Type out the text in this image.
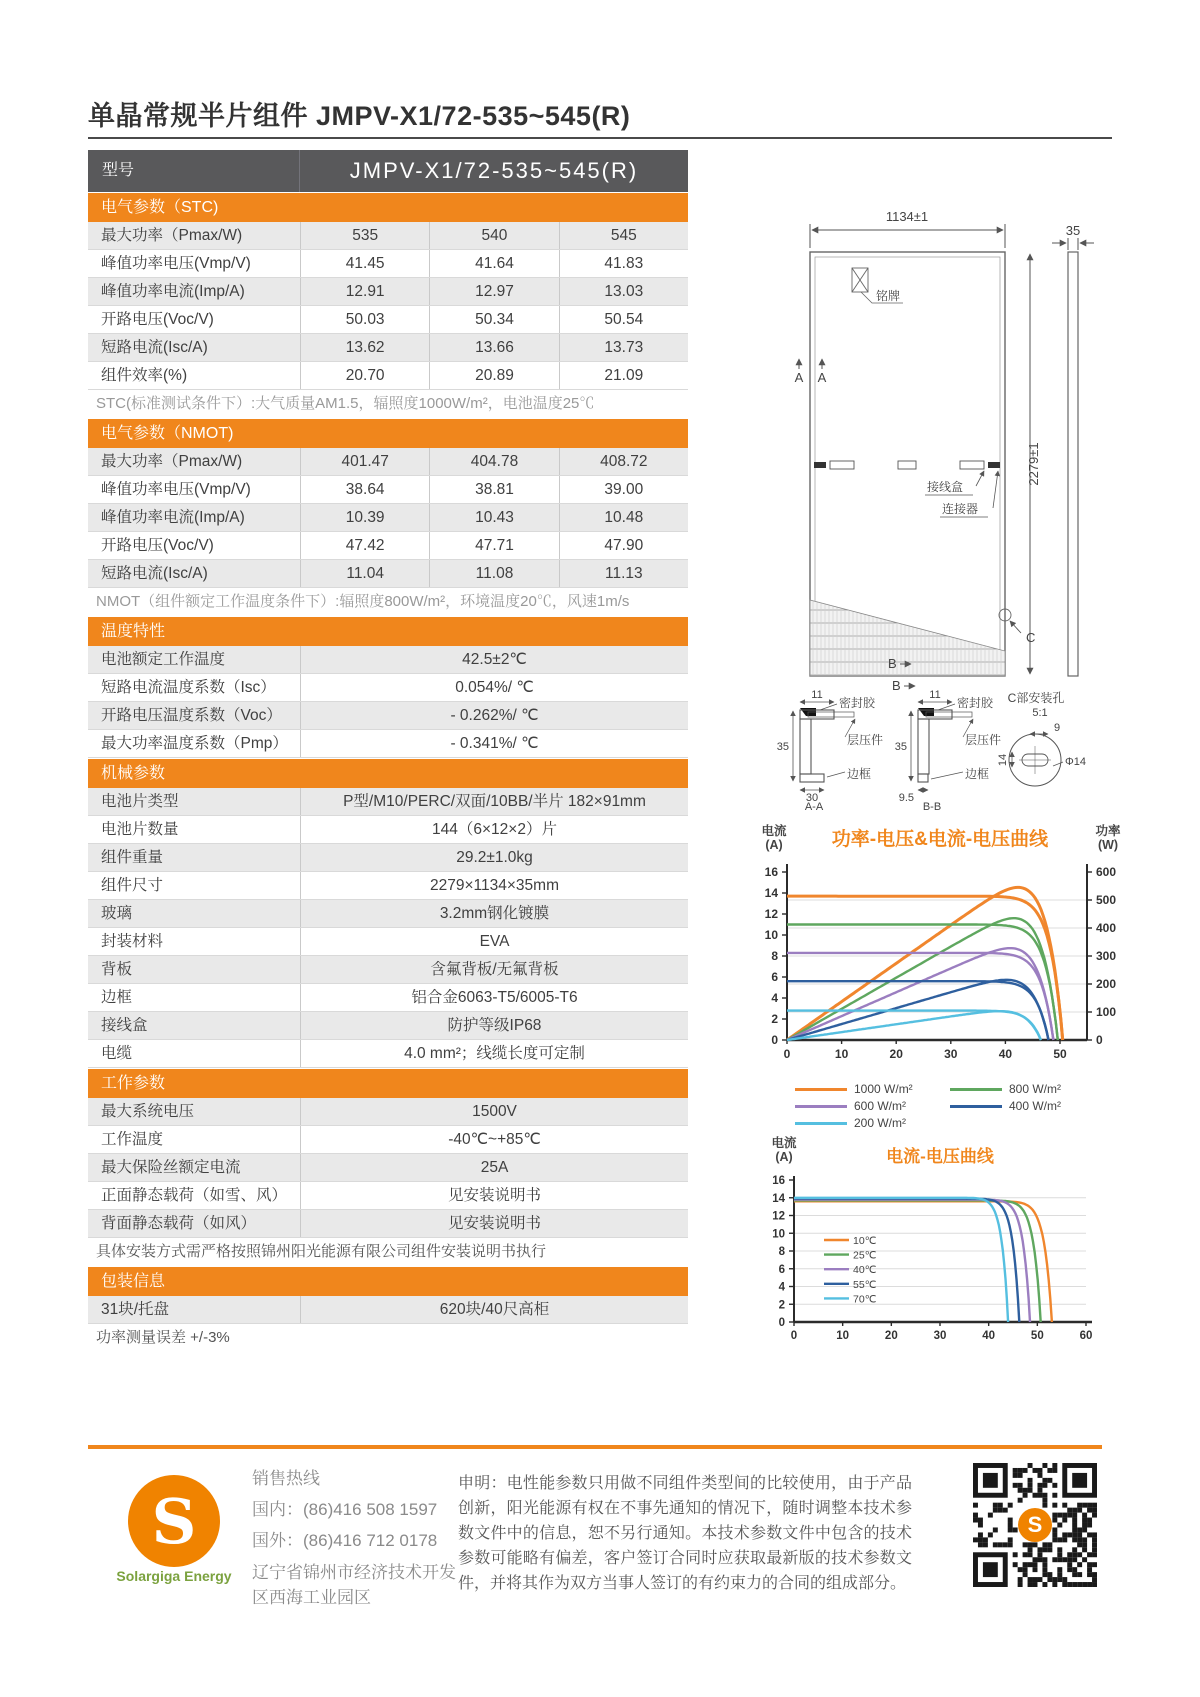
单晶常规半片组件 JMPV-X1/72-535~545(R)
型号	JMPV-X1/72-535~545(R)
电气参数（STC)
最大功率（Pmax/W)	535	540	545
峰值功率电压(Vmp/V)	41.45	41.64	41.83
峰值功率电流(Imp/A)	12.91	12.97	13.03
开路电压(Voc/V)	50.03	50.34	50.54
短路电流(Isc/A)	13.62	13.66	13.73
组件效率(%)	20.70	20.89	21.09
STC(标准测试条件下）:大气质量AM1.5，辐照度1000W/m²，电池温度25℃
电气参数（NMOT)
最大功率（Pmax/W)	401.47	404.78	408.72
峰值功率电压(Vmp/V)	38.64	38.81	39.00
峰值功率电流(Imp/A)	10.39	10.43	10.48
开路电压(Voc/V)	47.42	47.71	47.90
短路电流(Isc/A)	11.04	11.08	11.13
NMOT（组件额定工作温度条件下）:辐照度800W/m²，环境温度20℃，风速1m/s
温度特性
电池额定工作温度	42.5±2℃
短路电流温度系数（Isc）	0.054%/ ℃
开路电压温度系数（Voc）	- 0.262%/ ℃
最大功率温度系数（Pmp）	- 0.341%/ ℃
机械参数
电池片类型	P型/M10/PERC/双面/10BB/半片 182×91mm
电池片数量	144（6×12×2）片
组件重量	29.2±1.0kg
组件尺寸	2279×1134×35mm
玻璃	3.2mm钢化镀膜
封装材料	EVA
背板	含氟背板/无氟背板
边框	铝合金6063-T5/6005-T6
接线盒	防护等级IP68
电缆	4.0 mm²；线缆长度可定制
工作参数
最大系统电压	1500V
工作温度	-40℃~+85℃
最大保险丝额定电流	25A
正面静态载荷（如雪、风）	见安装说明书
背面静态载荷（如风）	见安装说明书
具体安装方式需严格按照锦州阳光能源有限公司组件安装说明书执行
包装信息
31块/托盘	620块/40尺高柜
功率测量误差 +/-3%
1134±1
35
2279±1
铭牌
A A
接线盒
连接器
C
B
B
11
35
30
密封胶
层压件
边框
A-A
11
35
9.5
密封胶
层压件
边框
B-B
C部安装孔
5:1
9
14	Φ14
功率-电压&电流-电压曲线
电流
(A)
功率
(W)
0
2
4
6
8
10
12
14
16
0
100
200
300
400
500
600
0	10	20	30	40	50
1000 W/m²	800 W/m²
600 W/m²	400 W/m²
200 W/m²
电流-电压曲线
电流
(A)
0
2
4
6
8
10
12
14
16
0	10	20	30	40	50	60
10℃
25℃
40℃
55℃
70℃
S
Solargiga Energy
销售热线
国内：(86)416 508 1597
国外：(86)416 712 0178
辽宁省锦州市经济技术开发区西海工业园区
申明：电性能参数只用做不同组件类型间的比较使用，由于产品创新，阳光能源有权在不事先通知的情况下，随时调整本技术参数文件中的信息，恕不另行通知。本技术参数文件中包含的技术参数可能略有偏差，客户签订合同时应获取最新版的技术参数文件，并将其作为双方当事人签订的有约束力的合同的组成部分。
S
